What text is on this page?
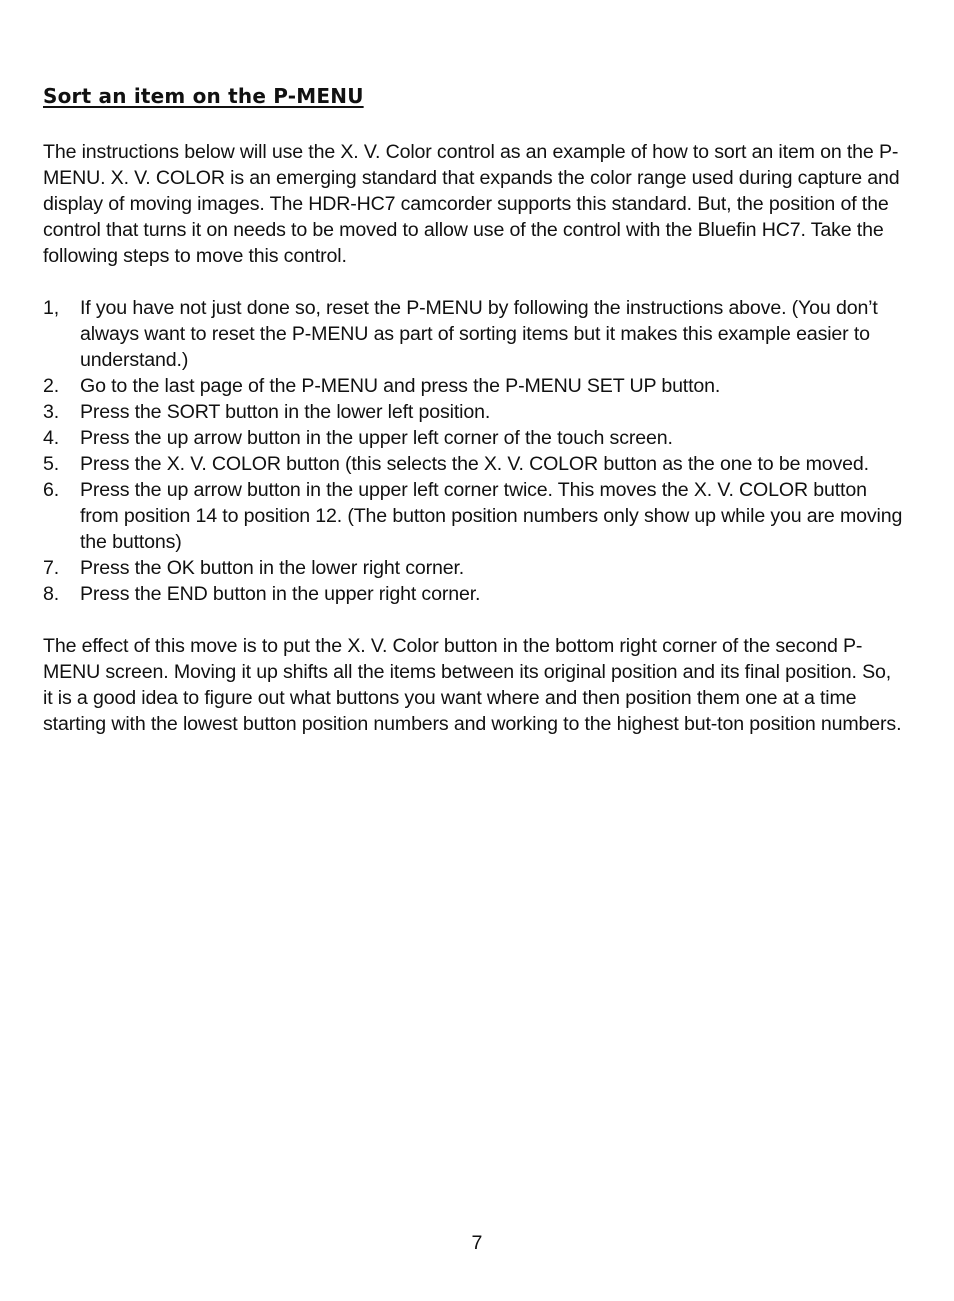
Sort an item on the P-MENU

The instructions below will use the X. V. Color control as an example of how to sort an item on the P-MENU. X. V. COLOR is an emerging standard that expands the color range used during capture and display of moving images. The HDR-HC7 camcorder supports this standard. But, the position of the control that turns it on needs to be moved to allow use of the control with the Bluefin HC7. Take the following steps to move this control.

1,	If you have not just done so, reset the P-MENU by following the instructions above. (You don’t always want to reset the P-MENU as part of sorting items but it makes this example easier to understand.)
2.	Go to the last page of the P-MENU and press the P-MENU SET UP button.
3.	Press the SORT button in the lower left position.
4.	Press the up arrow button in the upper left corner of the touch screen.
5.	Press the X. V. COLOR button (this selects the X. V. COLOR button as the one to be moved.
6.	Press the up arrow button in the upper left corner twice. This moves the X. V. COLOR button from position 14 to position 12. (The button position numbers only show up while you are moving the buttons)
7.	Press the OK button in the lower right corner.
8.	Press the END button in the upper right corner.

The effect of this move is to put the X. V. Color button in the bottom right corner of the second P-MENU screen. Moving it up shifts all the items between its original position and its final position. So, it is a good idea to figure out what buttons you want where and then position them one at a time starting with the lowest button position numbers and working to the highest but-ton position numbers.

7
